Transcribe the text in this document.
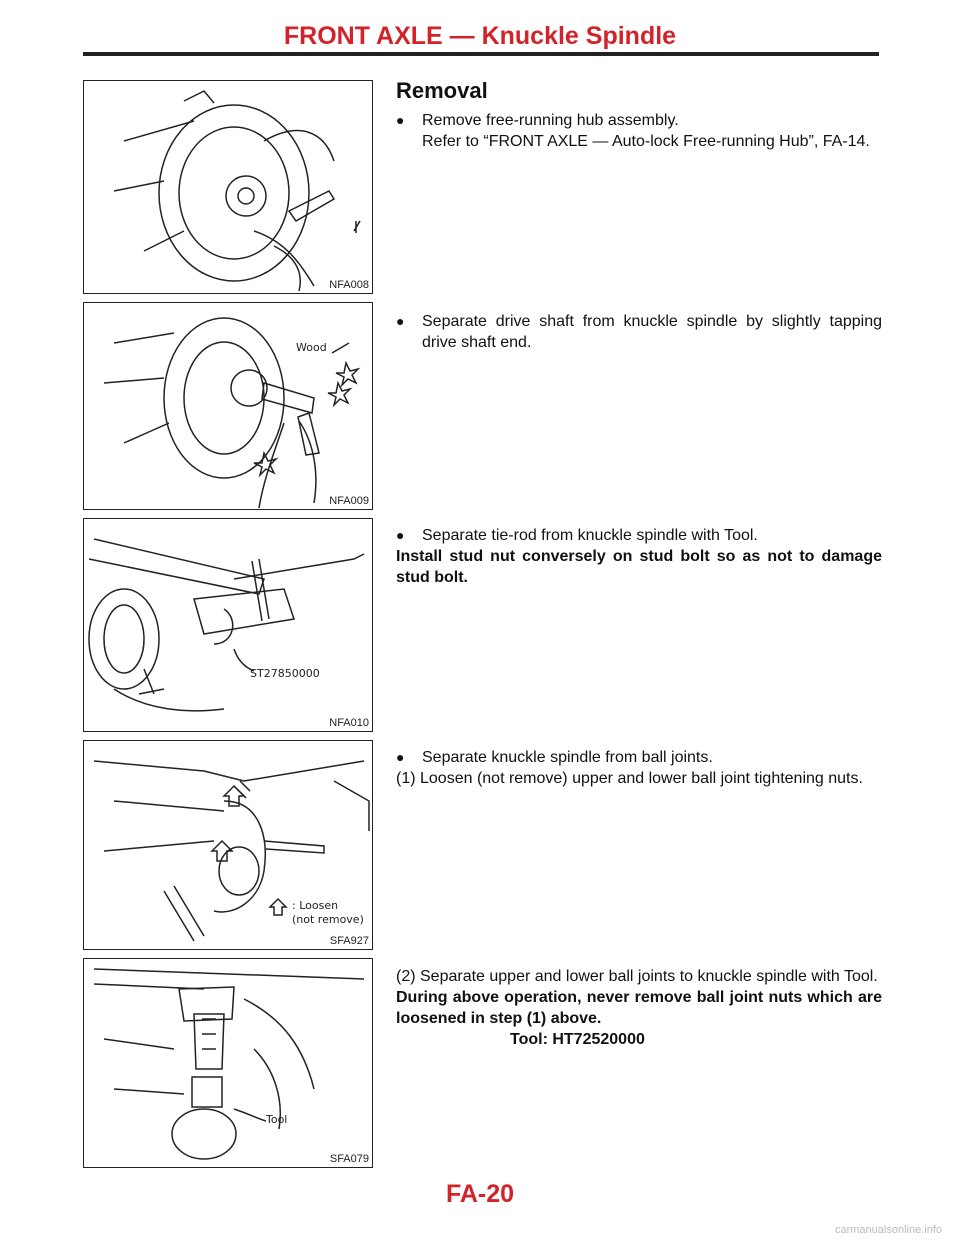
FRONT AXLE — Knuckle Spindle
NFA008
Wood
NFA009
ST27850000
NFA010
: Loosen
(not remove)
SFA927
Tool
SFA079
Removal
● Remove free-running hub assembly.
Refer to “FRONT AXLE — Auto-lock Free-running Hub”, FA-14.
● Separate drive shaft from knuckle spindle by slightly tapping drive shaft end.
● Separate tie-rod from knuckle spindle with Tool.
Install stud nut conversely on stud bolt so as not to damage stud bolt.
● Separate knuckle spindle from ball joints.
(1) Loosen (not remove) upper and lower ball joint tightening nuts.
(2) Separate upper and lower ball joints to knuckle spindle with Tool.
During above operation, never remove ball joint nuts which are loosened in step (1) above.
Tool: HT72520000

FA-20

carmanualsonline.info
